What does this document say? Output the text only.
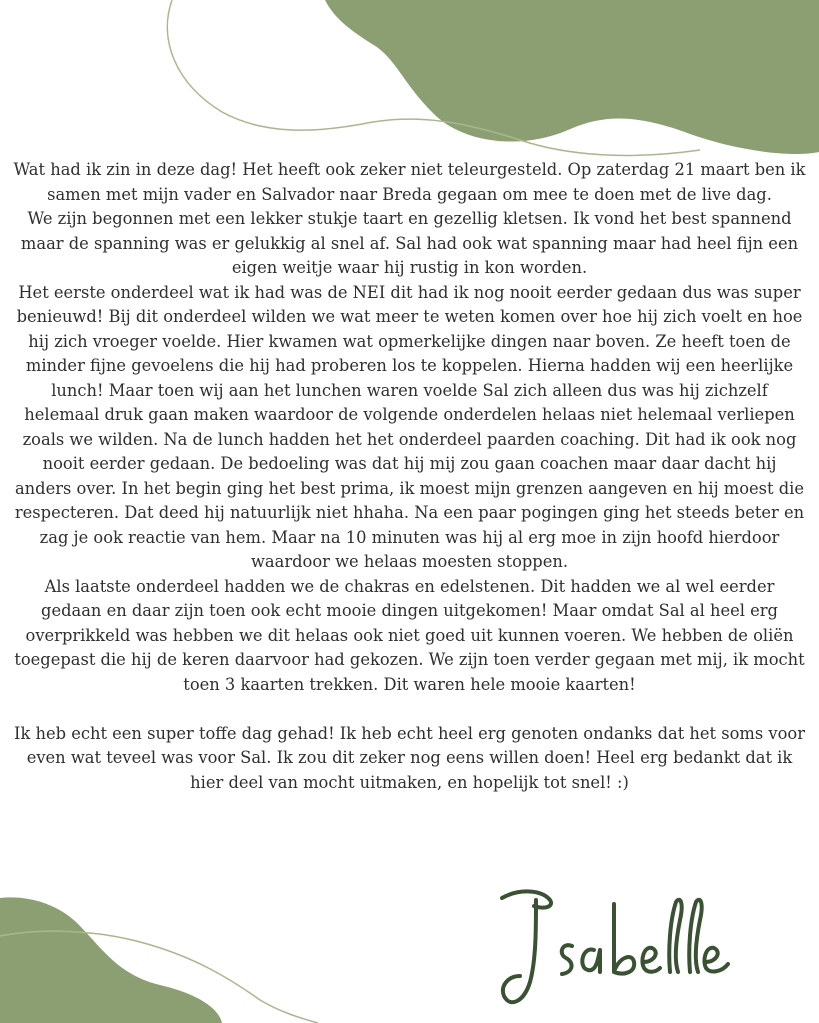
Wat had ik zin in deze dag! Het heeft ook zeker niet teleurgesteld. Op zaterdag 21 maart ben ik samen met mijn vader en Salvador naar Breda gegaan om mee te doen met de live dag.

We zijn begonnen met een lekker stukje taart en gezellig kletsen. Ik vond het best spannend maar de spanning was er gelukkig al snel af. Sal had ook wat spanning maar had heel fijn een eigen weitje waar hij rustig in kon worden.

Het eerste onderdeel wat ik had was de NEI dit had ik nog nooit eerder gedaan dus was super benieuwd! Bij dit onderdeel wilden we wat meer te weten komen over hoe hij zich voelt en hoe hij zich vroeger voelde. Hier kwamen wat opmerkelijke dingen naar boven. Ze heeft toen de minder fijne gevoelens die hij had proberen los te koppelen. Hierna hadden wij een heerlijke lunch! Maar toen wij aan het lunchen waren voelde Sal zich alleen dus was hij zichzelf helemaal druk gaan maken waardoor de volgende onderdelen helaas niet helemaal verliepen zoals we wilden. Na de lunch hadden het het onderdeel paarden coaching. Dit had ik ook nog nooit eerder gedaan. De bedoeling was dat hij mij zou gaan coachen maar daar dacht hij anders over. In het begin ging het best prima, ik moest mijn grenzen aangeven en hij moest die respecteren. Dat deed hij natuurlijk niet hhaha. Na een paar pogingen ging het steeds beter en zag je ook reactie van hem. Maar na 10 minuten was hij al erg moe in zijn hoofd hierdoor waardoor we helaas moesten stoppen.

Als laatste onderdeel hadden we de chakras en edelstenen. Dit hadden we al wel eerder gedaan en daar zijn toen ook echt mooie dingen uitgekomen! Maar omdat Sal al heel erg overprikkeld was hebben we dit helaas ook niet goed uit kunnen voeren. We hebben de oliën toegepast die hij de keren daarvoor had gekozen. We zijn toen verder gegaan met mij, ik mocht toen 3 kaarten trekken. Dit waren hele mooie kaarten!

Ik heb echt een super toffe dag gehad! Ik heb echt heel erg genoten ondanks dat het soms voor even wat teveel was voor Sal. Ik zou dit zeker nog eens willen doen! Heel erg bedankt dat ik hier deel van mocht uitmaken, en hopelijk tot snel! :)
